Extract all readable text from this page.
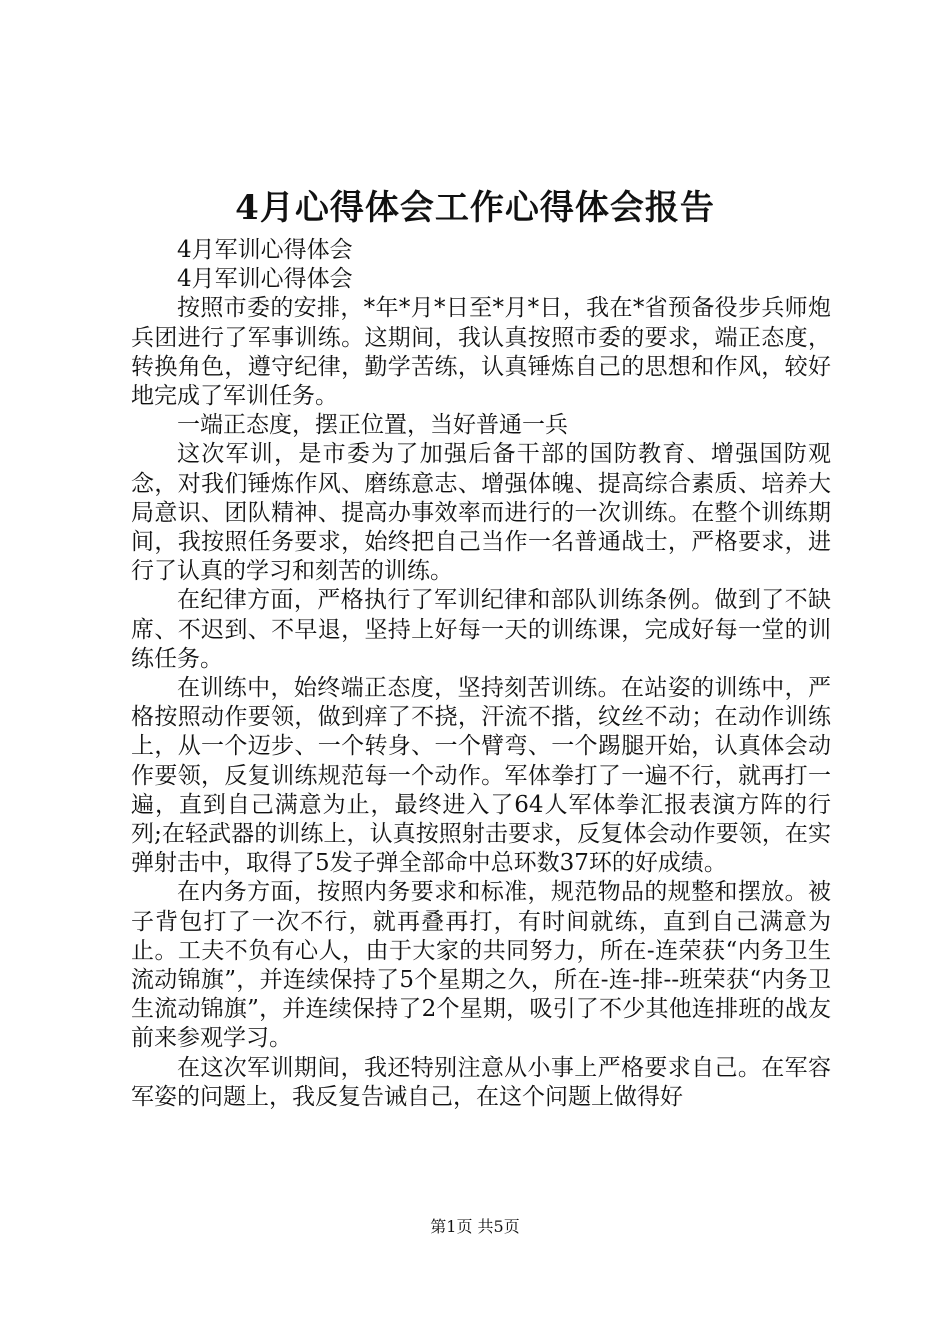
4月心得体会工作心得体会报告

4月军训心得体会

4月军训心得体会

按照市委的安排，*年*月*日至*月*日，我在*省预备役步兵师炮兵团进行了军事训练。这期间，我认真按照市委的要求，端正态度，转换角色，遵守纪律，勤学苦练，认真锤炼自己的思想和作风，较好地完成了军训任务。

一端正态度，摆正位置，当好普通一兵

这次军训，是市委为了加强后备干部的国防教育、增强国防观念，对我们锤炼作风、磨练意志、增强体魄、提高综合素质、培养大局意识、团队精神、提高办事效率而进行的一次训练。在整个训练期间，我按照任务要求，始终把自己当作一名普通战士，严格要求，进行了认真的学习和刻苦的训练。

在纪律方面，严格执行了军训纪律和部队训练条例。做到了不缺席、不迟到、不早退，坚持上好每一天的训练课，完成好每一堂的训练任务。

在训练中，始终端正态度，坚持刻苦训练。在站姿的训练中，严格按照动作要领，做到痒了不挠，汗流不揩，纹丝不动；在动作训练上，从一个迈步、一个转身、一个臂弯、一个踢腿开始，认真体会动作要领，反复训练规范每一个动作。军体拳打了一遍不行，就再打一遍，直到自己满意为止，最终进入了64人军体拳汇报表演方阵的行列;在轻武器的训练上，认真按照射击要求，反复体会动作要领，在实弹射击中，取得了5发子弹全部命中总环数37环的好成绩。

在内务方面，按照内务要求和标准，规范物品的规整和摆放。被子背包打了一次不行，就再叠再打，有时间就练，直到自己满意为止。工夫不负有心人，由于大家的共同努力，所在-连荣获“内务卫生流动锦旗”，并连续保持了5个星期之久，所在-连-排--班荣获“内务卫生流动锦旗”，并连续保持了2个星期，吸引了不少其他连排班的战友前来参观学习。

在这次军训期间，我还特别注意从小事上严格要求自己。在军容军姿的问题上，我反复告诫自己，在这个问题上做得好

第1页 共5页
